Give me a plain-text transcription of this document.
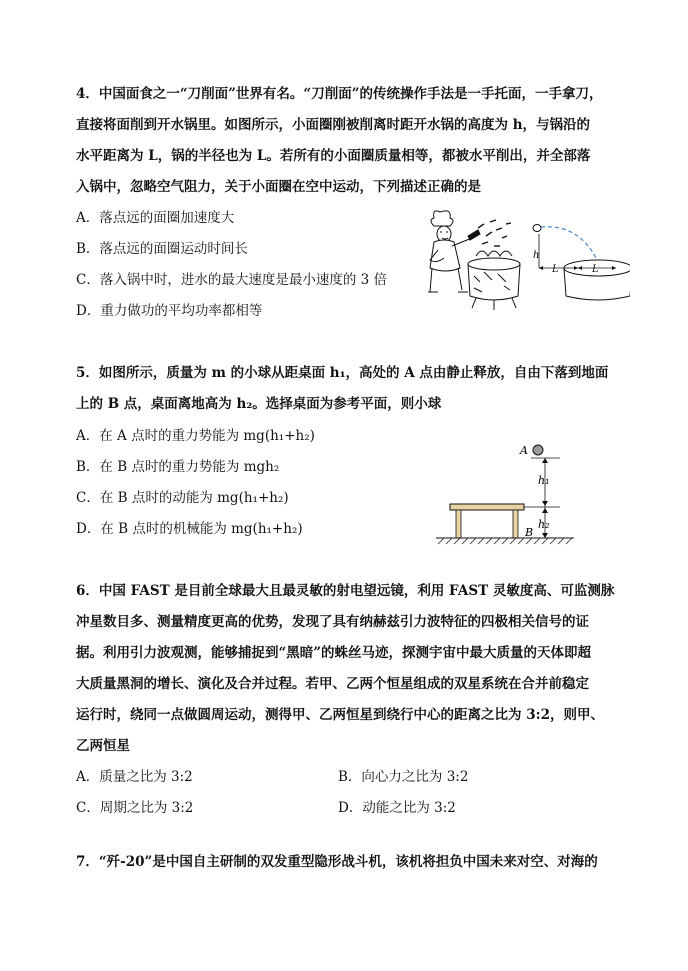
4．中国面食之一“刀削面”世界有名。“刀削面”的传统操作手法是一手托面，一手拿刀，
直接将面削到开水锅里。如图所示，小面圈刚被削离时距开水锅的高度为 h，与锅沿的
水平距离为 L，锅的半径也为 L。若所有的小面圈质量相等，都被水平削出，并全部落
入锅中，忽略空气阻力，关于小面圈在空中运动，下列描述正确的是
A．落点远的面圈加速度大
B．落点远的面圈运动时间长
C．落入锅中时，进水的最大速度是最小速度的 3 倍
D．重力做功的平均功率都相等
h
L	L
5．如图所示，质量为 m 的小球从距桌面 h₁，高处的 A 点由静止释放，自由下落到地面
上的 B 点，桌面离地高为 h₂。选择桌面为参考平面，则小球
A．在 A 点时的重力势能为 mg(h₁+h₂)
B．在 B 点时的重力势能为 mgh₂
C．在 B 点时的动能为 mg(h₁+h₂)
D．在 B 点时的机械能为 mg(h₁+h₂)
A
h₁
h₂
B
6．中国 FAST 是目前全球最大且最灵敏的射电望远镜，利用 FAST 灵敏度高、可监测脉
冲星数目多、测量精度更高的优势，发现了具有纳赫兹引力波特征的四极相关信号的证
据。利用引力波观测，能够捕捉到“黑暗”的蛛丝马迹，探测宇宙中最大质量的天体即超
大质量黑洞的增长、演化及合并过程。若甲、乙两个恒星组成的双星系统在合并前稳定
运行时，绕同一点做圆周运动，测得甲、乙两恒星到绕行中心的距离之比为 3:2，则甲、
乙两恒星
A．质量之比为 3:2	B．向心力之比为 3:2
C．周期之比为 3:2	D．动能之比为 3:2
7．“歼-20”是中国自主研制的双发重型隐形战斗机，该机将担负中国未来对空、对海的
